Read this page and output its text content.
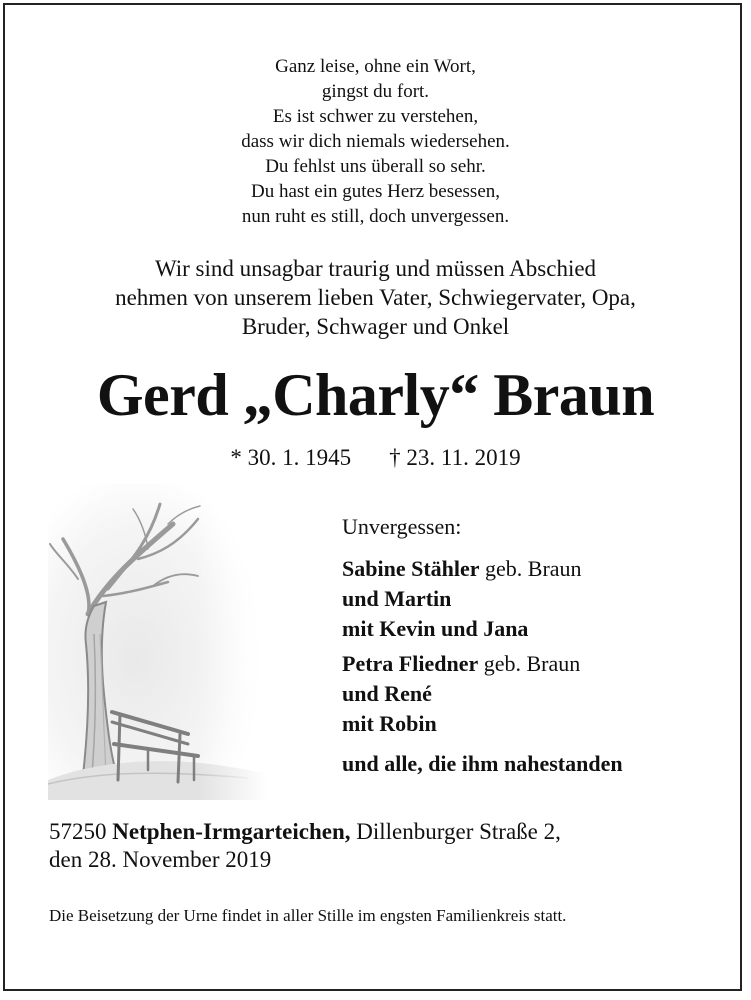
Ganz leise, ohne ein Wort,
gingst du fort.
Es ist schwer zu verstehen,
dass wir dich niemals wiedersehen.
Du fehlst uns überall so sehr.
Du hast ein gutes Herz besessen,
nun ruht es still, doch unvergessen.
Wir sind unsagbar traurig und müssen Abschied
nehmen von unserem lieben Vater, Schwiegervater, Opa,
Bruder, Schwager und Onkel
Gerd „Charly“ Braun
* 30. 1. 1945 † 23. 11. 2019
Unvergessen:
Sabine Stähler geb. Braun
und Martin
mit Kevin und Jana
Petra Fliedner geb. Braun
und René
mit Robin
und alle, die ihm nahestanden
57250 Netphen-Irmgarteichen, Dillenburger Straße 2,
den 28. November 2019
Die Beisetzung der Urne findet in aller Stille im engsten Familienkreis statt.
